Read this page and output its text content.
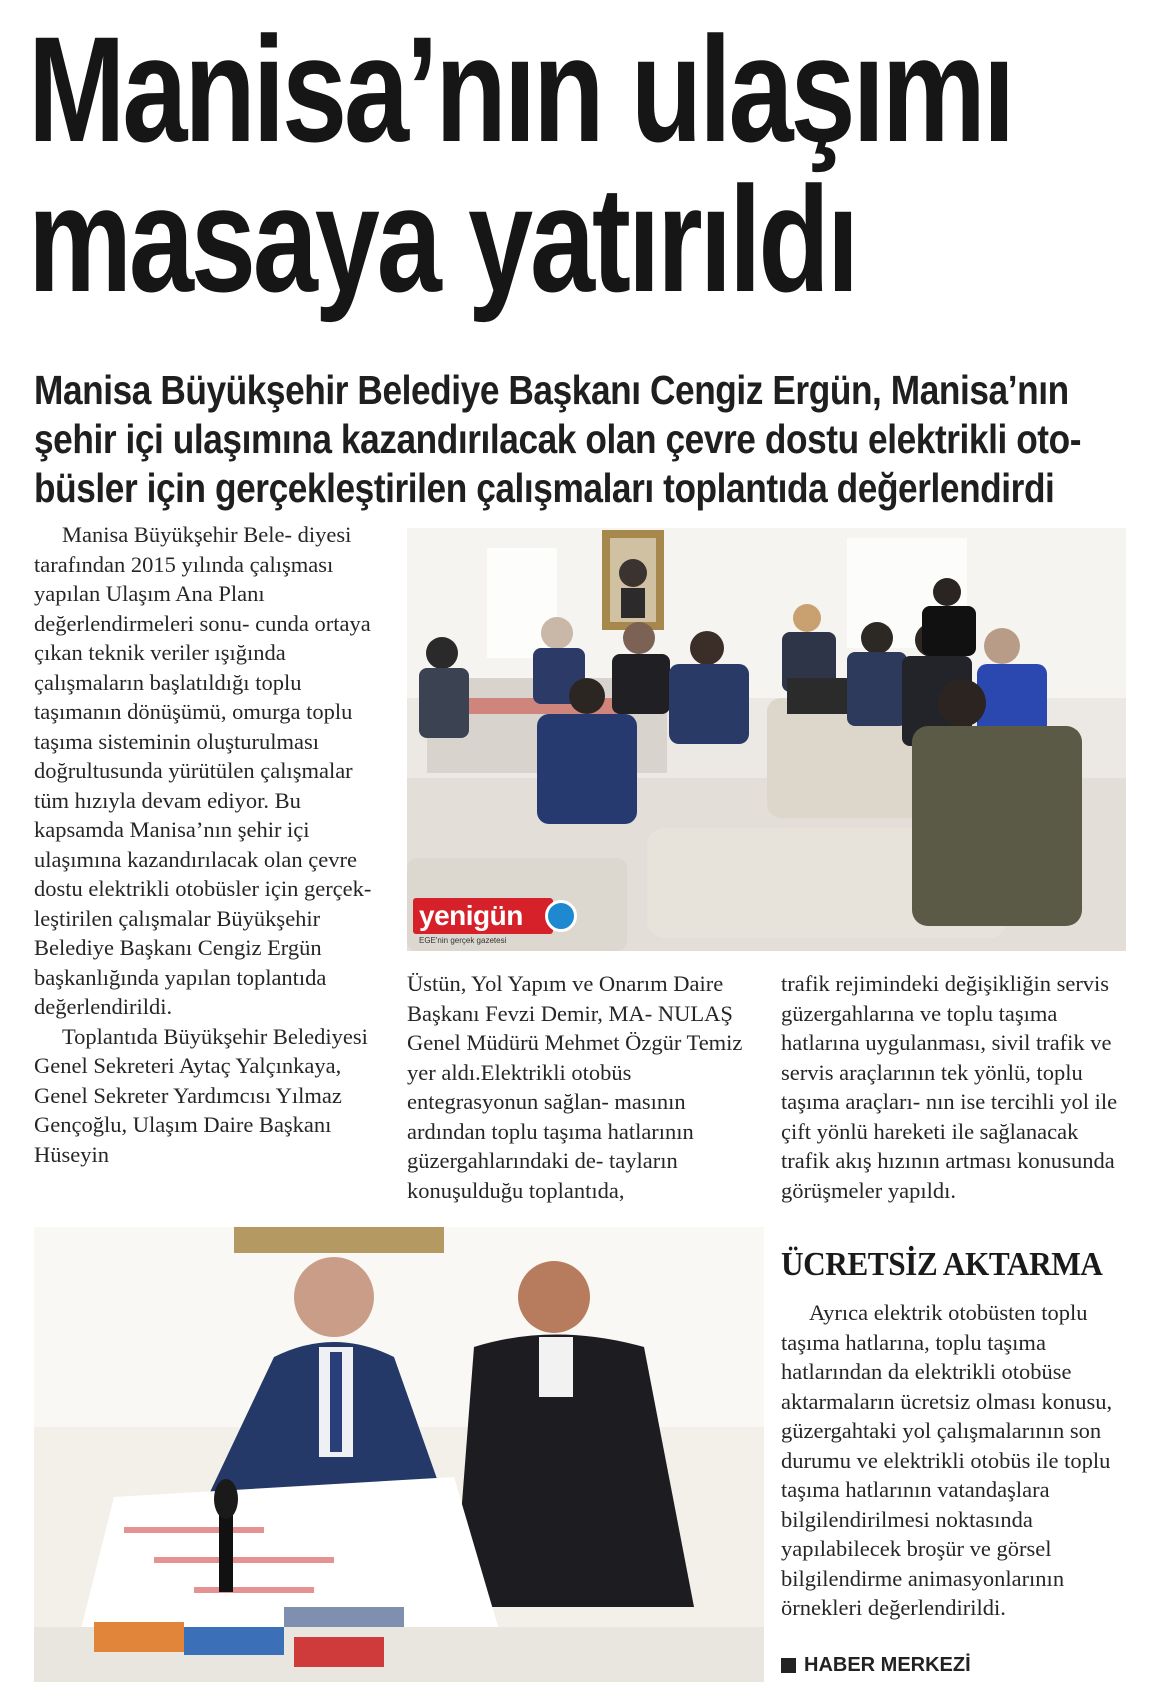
Manisa’nın ulaşımı
masaya yatırıldı
Manisa Büyükşehir Belediye Başkanı Cengiz Ergün, Manisa’nın
şehir içi ulaşımına kazandırılacak olan çevre dostu elektrikli oto-
büsler için gerçekleştirilen çalışmaları toplantıda değerlendirdi

Manisa Büyükşehir Bele- diyesi tarafından 2015 yılında çalışması yapılan Ulaşım Ana Planı değerlendirmeleri sonu- cunda ortaya çıkan teknik veriler ışığında çalışmaların başlatıldığı toplu taşımanın dönüşümü, omurga toplu taşıma sisteminin oluşturulması doğrultusunda yürütülen çalışmalar tüm hızıyla devam ediyor. Bu kapsamda Manisa’nın şehir içi ulaşımına kazandırılacak olan çevre dostu elektrikli otobüsler için gerçek- leştirilen çalışmalar Büyükşehir Belediye Başkanı Cengiz Ergün başkanlığında yapılan toplantıda değerlendirildi.

Toplantıda Büyükşehir Belediyesi Genel Sekreteri Aytaç Yalçınkaya, Genel Sekreter Yardımcısı Yılmaz Gençoğlu, Ulaşım Daire Başkanı Hüseyin

yenigün
EGE'nin gerçek gazetesi

Üstün, Yol Yapım ve Onarım Daire Başkanı Fevzi Demir, MA- NULAŞ Genel Müdürü Mehmet Özgür Temiz yer aldı.Elektrikli otobüs entegrasyonun sağlan- masının ardından toplu taşıma hatlarının güzergahlarındaki de- tayların konuşulduğu toplantıda,

trafik rejimindeki değişikliğin servis güzergahlarına ve toplu taşıma hatlarına uygulanması, sivil trafik ve servis araçlarının tek yönlü, toplu taşıma araçları- nın ise tercihli yol ile çift yönlü hareketi ile sağlanacak trafik akış hızının artması konusunda görüşmeler yapıldı.

ÜCRETSİZ AKTARMA

Ayrıca elektrik otobüsten toplu taşıma hatlarına, toplu taşıma hatlarından da elektrikli otobüse aktarmaların ücretsiz olması konusu, güzergahtaki yol çalışmalarının son durumu ve elektrikli otobüs ile toplu taşıma hatlarının vatandaşlara bilgilendirilmesi noktasında yapılabilecek broşür ve görsel bilgilendirme animasyonlarının örnekleri değerlendirildi.

HABER MERKEZİ
